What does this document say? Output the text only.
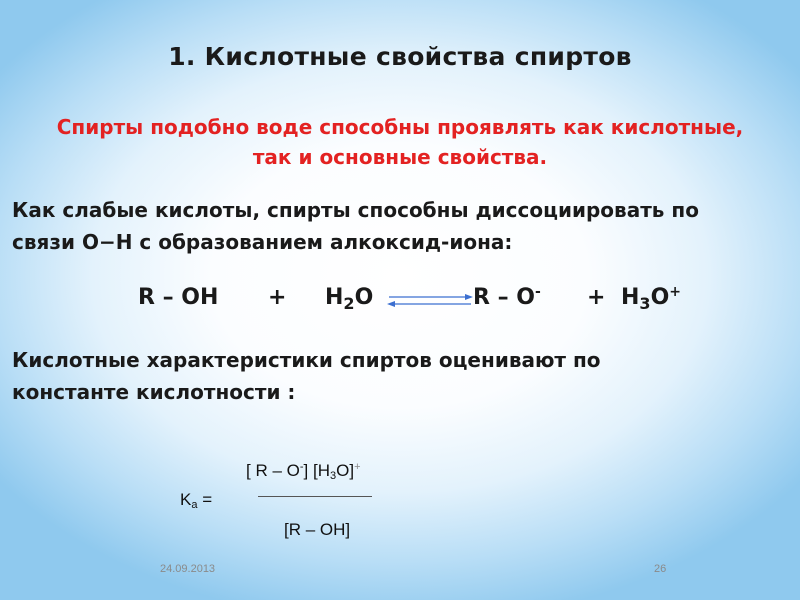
1. Кислотные свойства спиртов
Спирты подобно воде способны проявлять как кислотные,
так и основные свойства.
Как слабые кислоты, спирты способны диссоциировать по
связи О−Н с образованием алкоксид-иона:
R – OH + $H_2O$	$R - O^- + H_3O^+$
Кислотные характеристики спиртов оценивают по
константе кислотности :
[ R – O-] $[H_3O]^+$
$K_a$ =
[R – OH]
24.09.2013	26
